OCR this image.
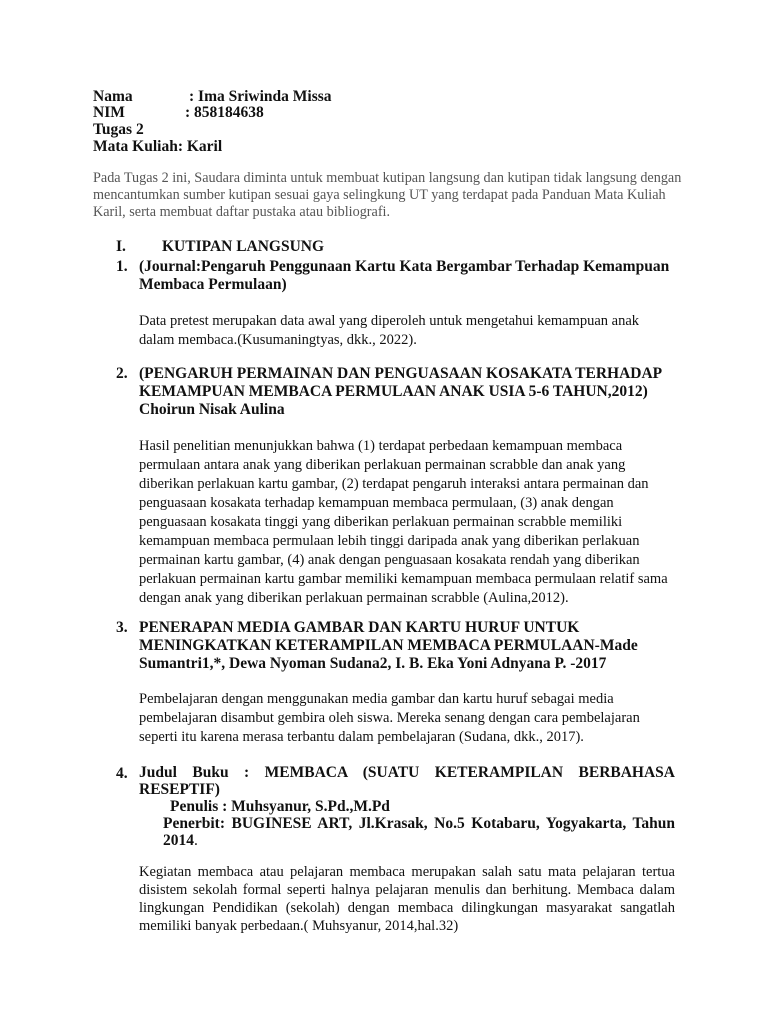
Nama	: Ima Sriwinda Missa
NIM	: 858184638
Tugas 2
Mata Kuliah: Karil
Pada Tugas 2 ini, Saudara diminta untuk membuat kutipan langsung dan kutipan tidak langsung dengan mencantumkan sumber kutipan sesuai gaya selingkung UT yang terdapat pada Panduan Mata Kuliah Karil, serta membuat daftar pustaka atau bibliografi.
I. KUTIPAN LANGSUNG
1. (Journal:Pengaruh Penggunaan Kartu Kata Bergambar Terhadap Kemampuan Membaca Permulaan)
Data pretest merupakan data awal yang diperoleh untuk mengetahui kemampuan anak dalam membaca.(Kusumaningtyas, dkk., 2022).
2. (PENGARUH PERMAINAN DAN PENGUASAAN KOSAKATA TERHADAP KEMAMPUAN MEMBACA PERMULAAN ANAK USIA 5-6 TAHUN,2012) Choirun Nisak Aulina
Hasil penelitian menunjukkan bahwa (1) terdapat perbedaan kemampuan membaca permulaan antara anak yang diberikan perlakuan permainan scrabble dan anak yang diberikan perlakuan kartu gambar, (2) terdapat pengaruh interaksi antara permainan dan penguasaan kosakata terhadap kemampuan membaca permulaan, (3) anak dengan penguasaan kosakata tinggi yang diberikan perlakuan permainan scrabble memiliki kemampuan membaca permulaan lebih tinggi daripada anak yang diberikan perlakuan permainan kartu gambar, (4) anak dengan penguasaan kosakata rendah yang diberikan perlakuan permainan kartu gambar memiliki kemampuan membaca permulaan relatif sama dengan anak yang diberikan perlakuan permainan scrabble (Aulina,2012).
3. PENERAPAN MEDIA GAMBAR DAN KARTU HURUF UNTUK MENINGKATKAN KETERAMPILAN MEMBACA PERMULAAN-Made Sumantri1,*, Dewa Nyoman Sudana2, I. B. Eka Yoni Adnyana P. -2017
Pembelajaran dengan menggunakan media gambar dan kartu huruf sebagai media pembelajaran disambut gembira oleh siswa. Mereka senang dengan cara pembelajaran seperti itu karena merasa terbantu dalam pembelajaran (Sudana, dkk., 2017).
4. Judul Buku : MEMBACA (SUATU KETERAMPILAN BERBAHASA
RESEPTIF)
Penulis : Muhsyanur, S.Pd.,M.Pd
Penerbit: BUGINESE ART, Jl.Krasak, No.5 Kotabaru, Yogyakarta, Tahun 2014.
Kegiatan membaca atau pelajaran membaca merupakan salah satu mata pelajaran tertua disistem sekolah formal seperti halnya pelajaran menulis dan berhitung. Membaca dalam lingkungan Pendidikan (sekolah) dengan membaca dilingkungan masyarakat sangatlah memiliki banyak perbedaan.( Muhsyanur, 2014,hal.32)
